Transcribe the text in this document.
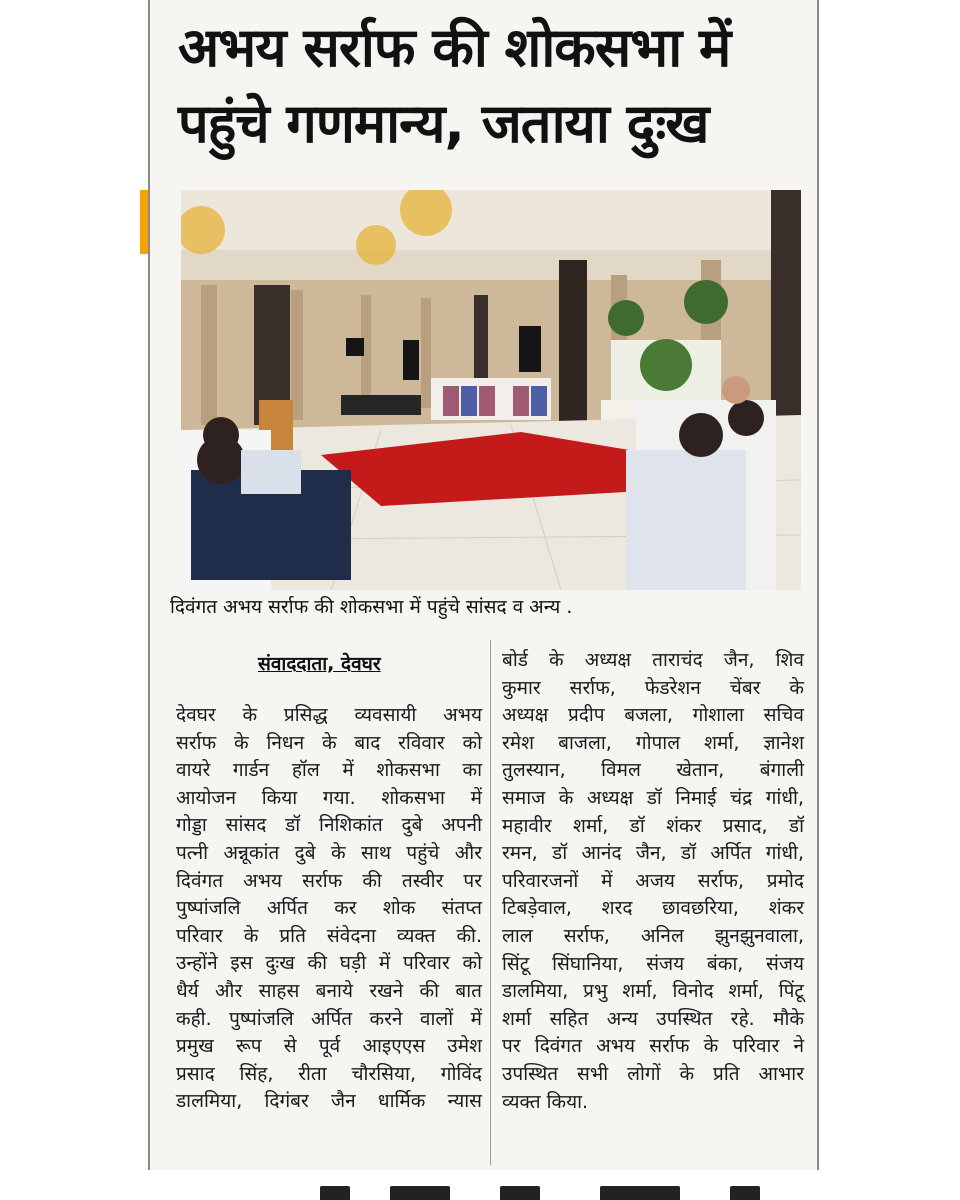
अभय सर्राफ की शोकसभा में
पहुंचे गणमान्य, जताया दुःख
दिवंगत अभय सर्राफ की शोकसभा में पहुंचे सांसद व अन्य .
संवाददाता, देवघर
देवघर के प्रसिद्ध व्यवसायी अभय
सर्राफ के निधन के बाद रविवार को
वायरे गार्डन हॉल में शोकसभा का
आयोजन किया गया. शोकसभा में
गोड्डा सांसद डॉ निशिकांत दुबे अपनी
पत्नी अन्नूकांत दुबे के साथ पहुंचे और
दिवंगत अभय सर्राफ की तस्वीर पर
पुष्पांजलि अर्पित कर शोक संतप्त
परिवार के प्रति संवेदना व्यक्त की.
उन्होंने इस दुःख की घड़ी में परिवार को
धैर्य और साहस बनाये रखने की बात
कही. पुष्पांजलि अर्पित करने वालों में
प्रमुख रूप से पूर्व आइएएस उमेश
प्रसाद सिंह, रीता चौरसिया, गोविंद
डालमिया, दिगंबर जैन धार्मिक न्यास
बोर्ड के अध्यक्ष ताराचंद जैन, शिव
कुमार सर्राफ, फेडरेशन चेंबर के
अध्यक्ष प्रदीप बजला, गोशाला सचिव
रमेश बाजला, गोपाल शर्मा, ज्ञानेश
तुलस्यान, विमल खेतान, बंगाली
समाज के अध्यक्ष डॉ निमाई चंद्र गांधी,
महावीर शर्मा, डॉ शंकर प्रसाद, डॉ
रमन, डॉ आनंद जैन, डॉ अर्पित गांधी,
परिवारजनों में अजय सर्राफ, प्रमोद
टिबड़ेवाल, शरद छावछरिया, शंकर
लाल सर्राफ, अनिल झुनझुनवाला,
सिंटू सिंघानिया, संजय बंका, संजय
डालमिया, प्रभु शर्मा, विनोद शर्मा, पिंटू
शर्मा सहित अन्य उपस्थित रहे. मौके
पर दिवंगत अभय सर्राफ के परिवार ने
उपस्थित सभी लोगों के प्रति आभार
व्यक्त किया.
